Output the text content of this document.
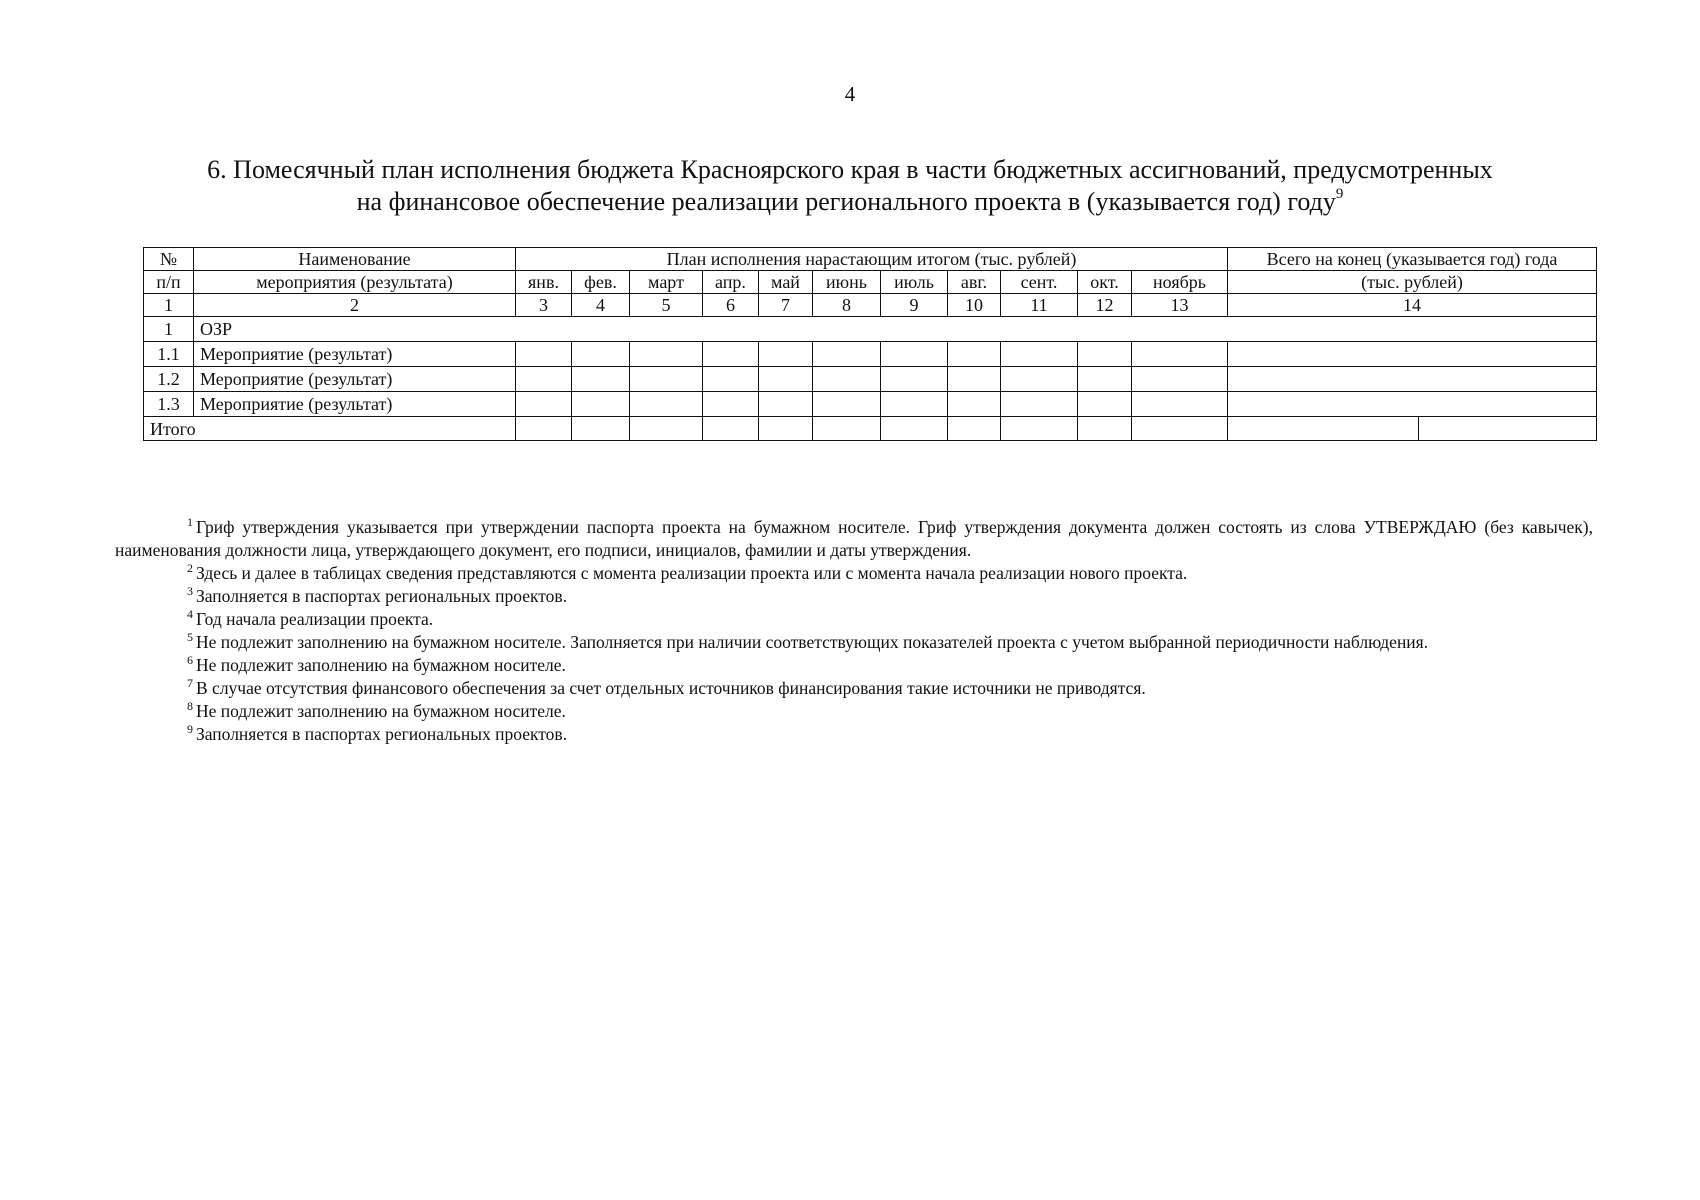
4
6. Помесячный план исполнения бюджета Красноярского края в части бюджетных ассигнований, предусмотренных
на финансовое обеспечение реализации регионального проекта в (указывается год) году$^9$
№	Наименование	План исполнения нарастающим итогом (тыс. рублей)											Всего на конец (указывается год) года	
п/п	мероприятия (результата)	янв.	фев.	март	апр.	май	июнь	июль	авг.	сент.	окт.	ноябрь	(тыс. рублей)	
1	2	3	4	5	6	7	8	9	10	11	12	13	14	
1	ОЗР													
1.1	Мероприятие (результат)													
1.2	Мероприятие (результат)													
1.3	Мероприятие (результат)													
Итого														

$^1$ Гриф утверждения указывается при утверждении паспорта проекта на бумажном носителе. Гриф утверждения документа должен состоять из слова УТВЕРЖДАЮ (без кавычек), наименования должности лица, утверждающего документ, его подписи, инициалов, фамилии и даты утверждения.

$^2$ Здесь и далее в таблицах сведения представляются с момента реализации проекта или с момента начала реализации нового проекта.

$^3$ Заполняется в паспортах региональных проектов.

$^4$ Год начала реализации проекта.

$^5$ Не подлежит заполнению на бумажном носителе. Заполняется при наличии соответствующих показателей проекта с учетом выбранной периодичности наблюдения.

$^6$ Не подлежит заполнению на бумажном носителе.

$^7$ В случае отсутствия финансового обеспечения за счет отдельных источников финансирования такие источники не приводятся.

$^8$ Не подлежит заполнению на бумажном носителе.

$^9$ Заполняется в паспортах региональных проектов.
